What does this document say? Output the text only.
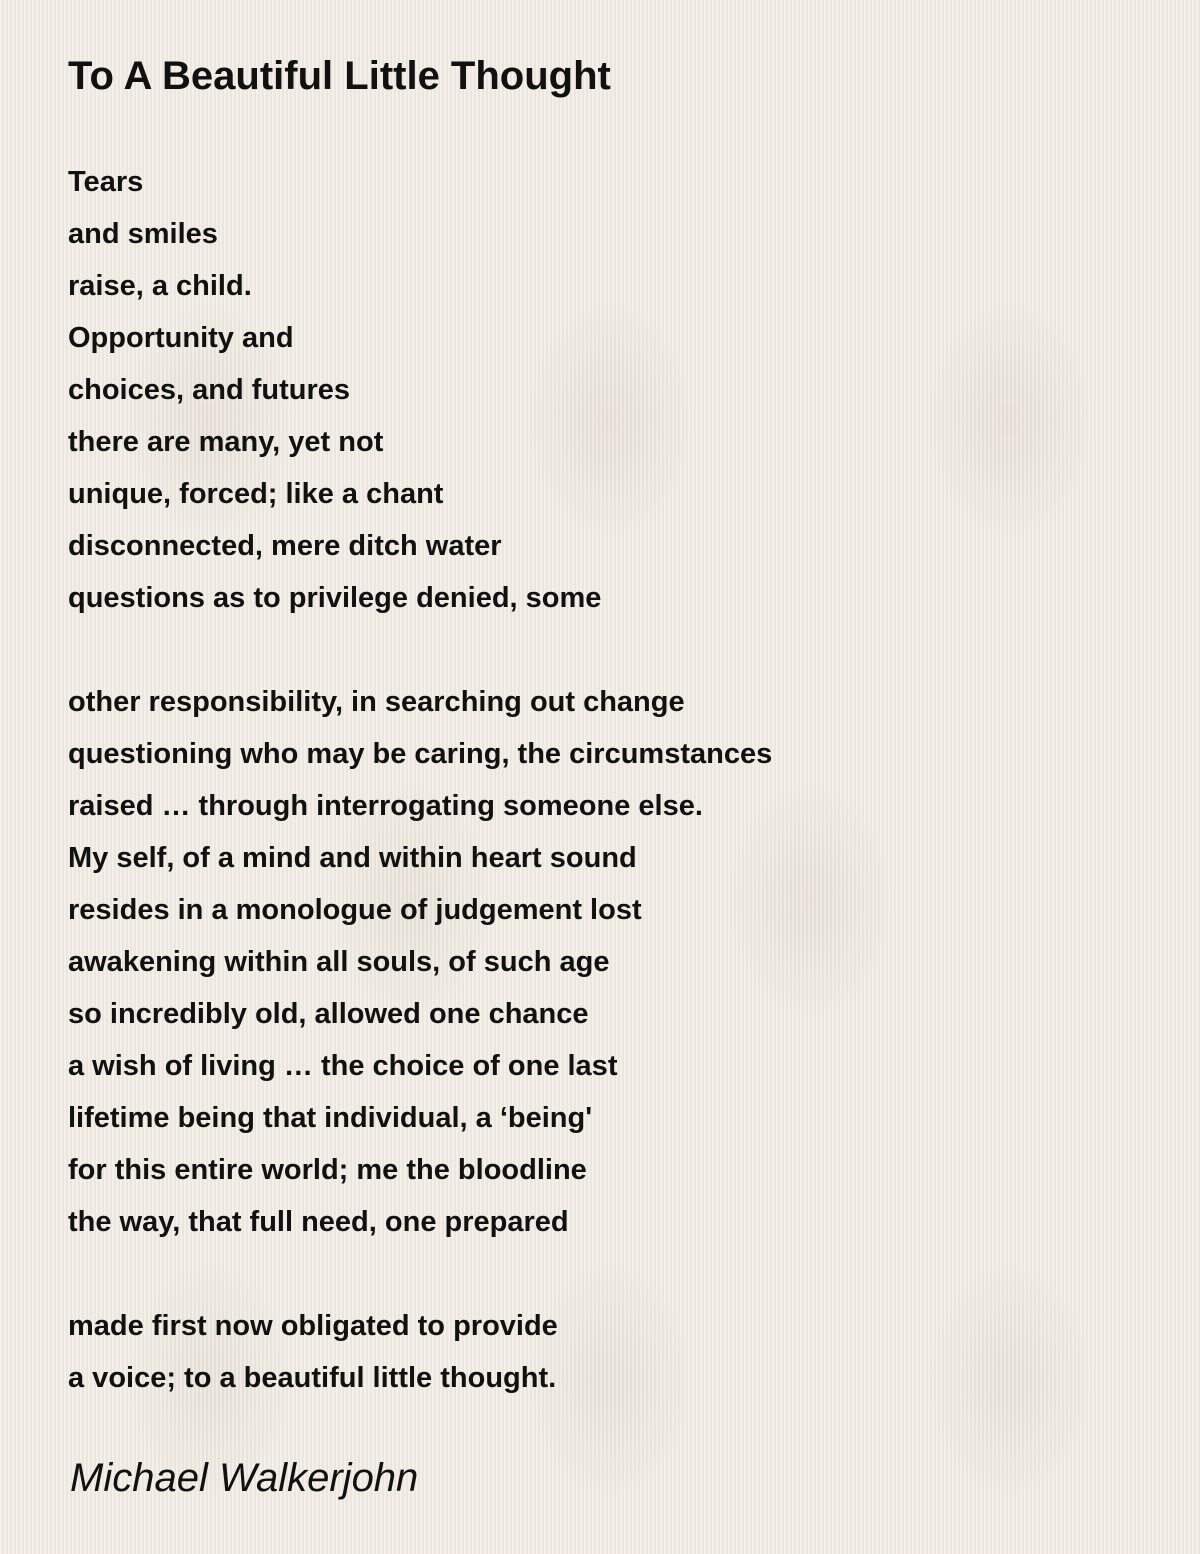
To A Beautiful Little Thought
Tears
and smiles
raise, a child.
Opportunity and
choices, and futures
there are many, yet not
unique, forced; like a chant
disconnected, mere ditch water
questions as to privilege denied, some
other responsibility, in searching out change
questioning who may be caring, the circumstances
raised … through interrogating someone else.
My self, of a mind and within heart sound
resides in a monologue of judgement lost
awakening within all souls, of such age
so incredibly old, allowed one chance
a wish of living … the choice of one last
lifetime being that individual, a ‘being'
for this entire world; me the bloodline
the way, that full need, one prepared
made first now obligated to provide
a voice; to a beautiful little thought.
Michael Walkerjohn
